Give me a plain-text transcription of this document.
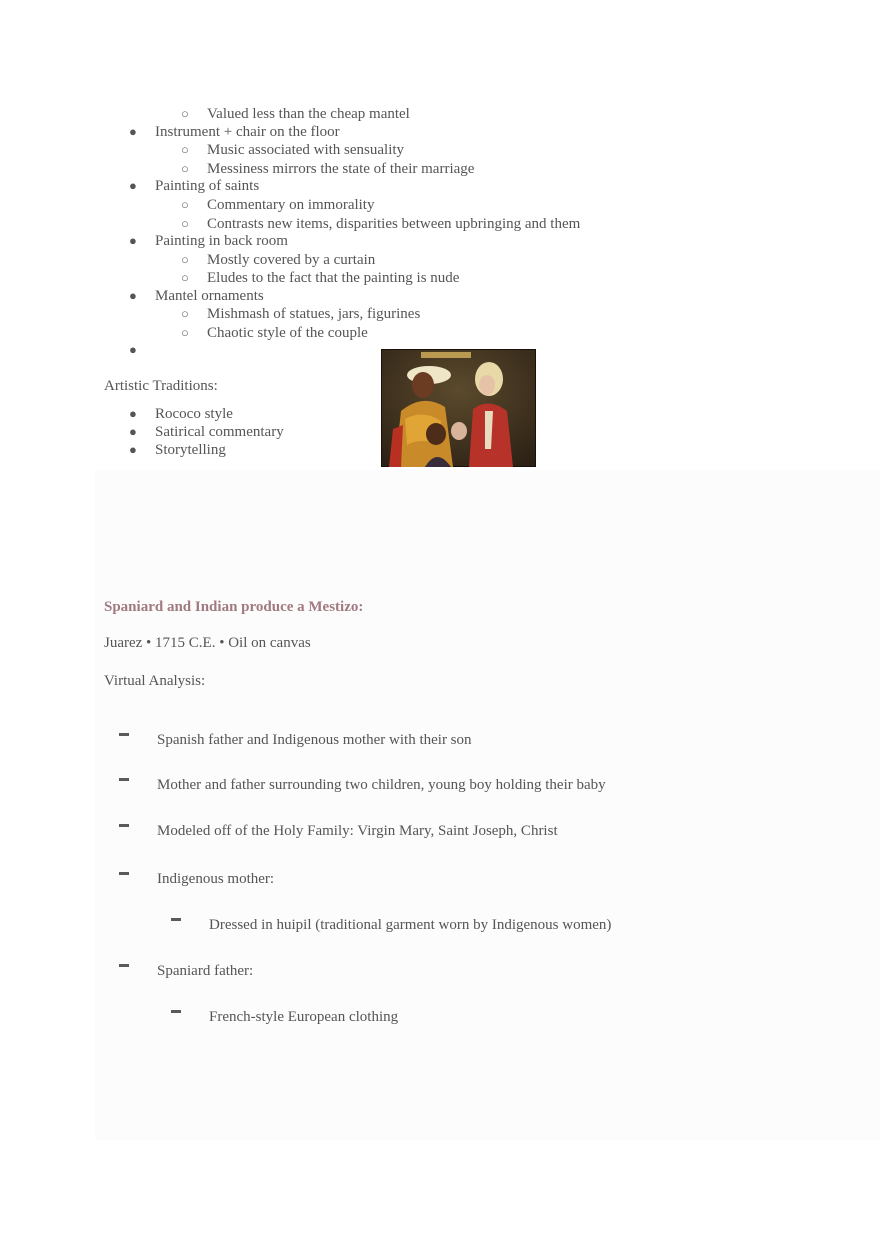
○ Valued less than the cheap mantel
● Instrument + chair on the floor
○ Music associated with sensuality
○ Messiness mirrors the state of their marriage
● Painting of saints
○ Commentary on immorality
○ Contrasts new items, disparities between upbringing and them
● Painting in back room
○ Mostly covered by a curtain
○ Eludes to the fact that the painting is nude
● Mantel ornaments
○ Mishmash of statues, jars, figurines
○ Chaotic style of the couple
●
Artistic Traditions:
● Rococo style
● Satirical commentary
● Storytelling
Spaniard and Indian produce a Mestizo:
Juarez • 1715 C.E. • Oil on canvas
Virtual Analysis:
Spanish father and Indigenous mother with their son
Mother and father surrounding two children, young boy holding their baby
Modeled off of the Holy Family: Virgin Mary, Saint Joseph, Christ
Indigenous mother:
Dressed in huipil (traditional garment worn by Indigenous women)
Spaniard father:
French-style European clothing
